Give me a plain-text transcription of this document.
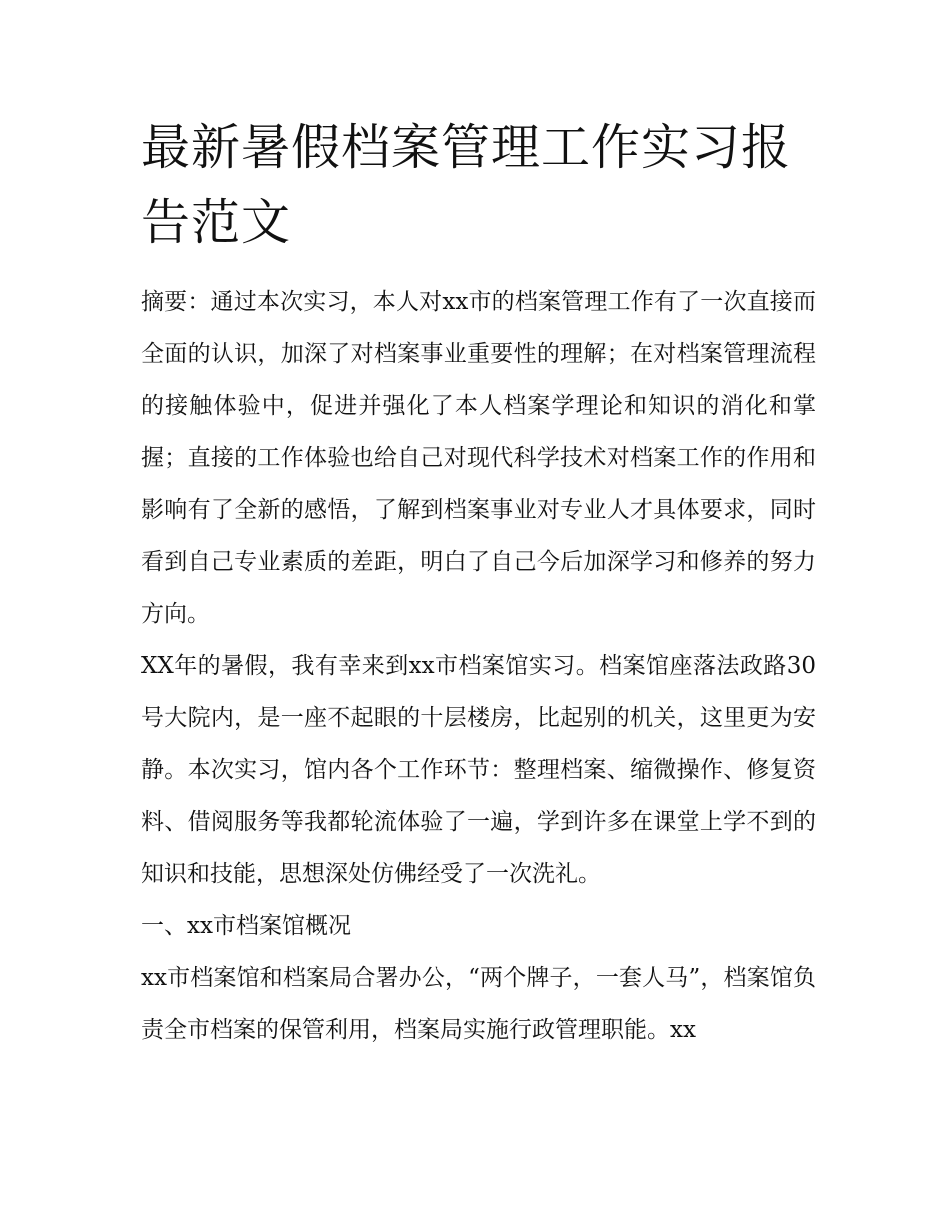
最新暑假档案管理工作实习报告范文

摘要：通过本次实习，本人对xx市的档案管理工作有了一次直接而全面的认识，加深了对档案事业重要性的理解；在对档案管理流程的接触体验中，促进并强化了本人档案学理论和知识的消化和掌握；直接的工作体验也给自己对现代科学技术对档案工作的作用和影响有了全新的感悟，了解到档案事业对专业人才具体要求，同时看到自己专业素质的差距，明白了自己今后加深学习和修养的努力方向。

XX年的暑假，我有幸来到xx市档案馆实习。档案馆座落法政路30号大院内，是一座不起眼的十层楼房，比起别的机关，这里更为安静。本次实习，馆内各个工作环节：整理档案、缩微操作、修复资料、借阅服务等我都轮流体验了一遍，学到许多在课堂上学不到的知识和技能，思想深处仿佛经受了一次洗礼。

一、xx市档案馆概况

xx市档案馆和档案局合署办公，“两个牌子，一套人马”，档案馆负责全市档案的保管利用，档案局实施行政管理职能。xx
